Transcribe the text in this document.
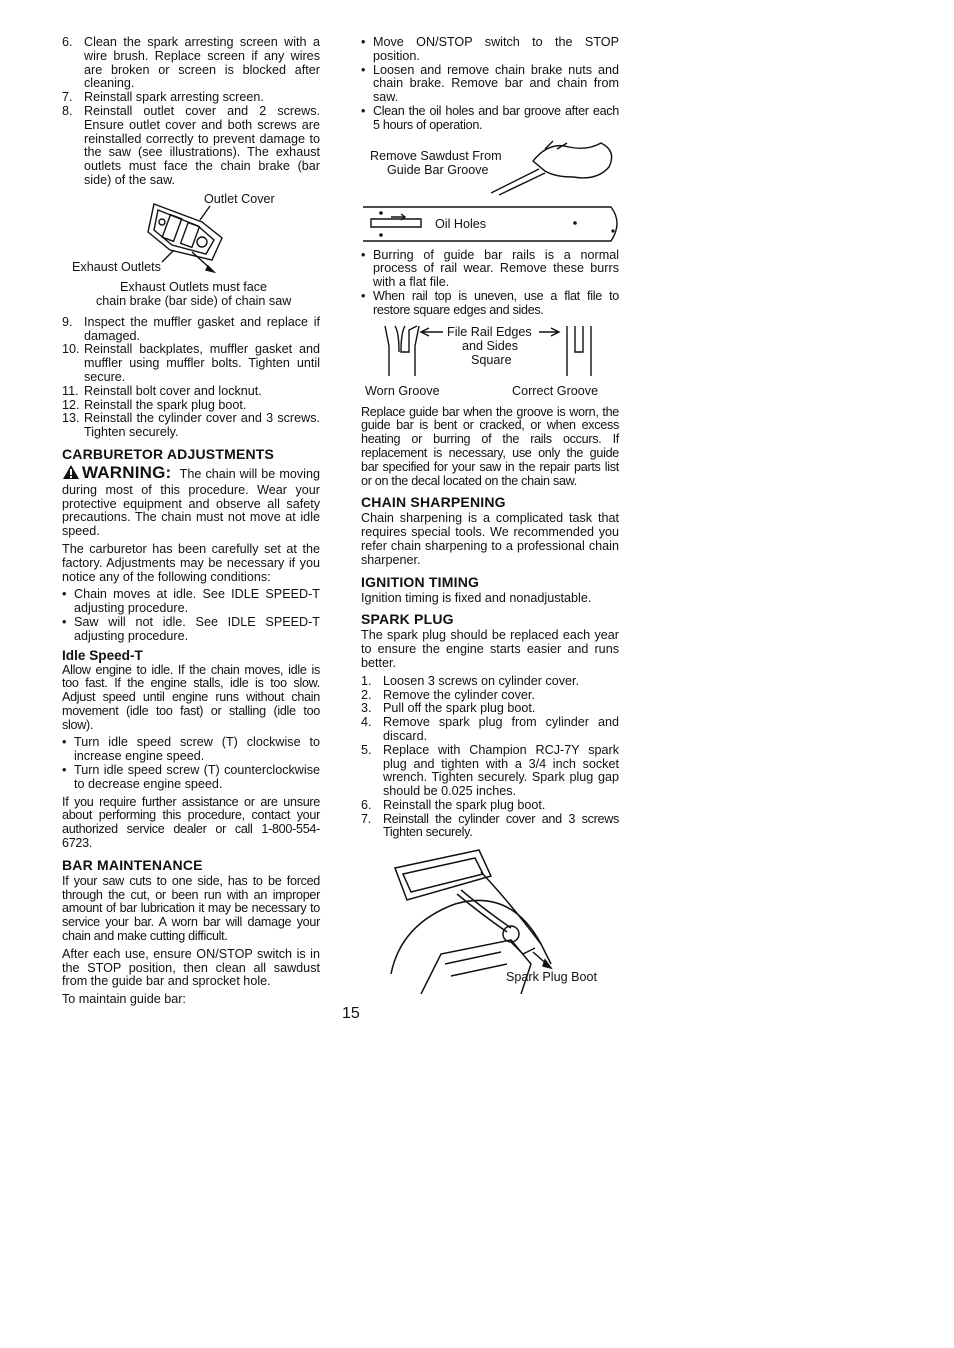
6. Clean the spark arresting screen with a wire brush. Replace screen if any wires are broken or screen is blocked after cleaning.
7. Reinstall spark arresting screen.
8. Reinstall outlet cover and 2 screws. Ensure outlet cover and both screws are reinstalled correctly to prevent damage to the saw (see illustrations). The exhaust outlets must face the chain brake (bar side) of the saw.
Outlet Cover
Exhaust Outlets
Exhaust Outlets must face
chain brake (bar side) of chain saw
9. Inspect the muffler gasket and replace if damaged.
10. Reinstall backplates, muffler gasket and muffler using muffler bolts. Tighten until secure.
11. Reinstall bolt cover and locknut.
12. Reinstall the spark plug boot.
13. Reinstall the cylinder cover and 3 screws. Tighten securely.
CARBURETOR ADJUSTMENTS

WARNING: The chain will be moving during most of this procedure. Wear your protective equipment and observe all safety precautions. The chain must not move at idle speed.

The carburetor has been carefully set at the factory. Adjustments may be necessary if you notice any of the following conditions:

• Chain moves at idle. See IDLE SPEED-T adjusting procedure.
• Saw will not idle. See IDLE SPEED-T adjusting procedure.
Idle Speed-T

Allow engine to idle. If the chain moves, idle is too fast. If the engine stalls, idle is too slow. Adjust speed until engine runs without chain movement (idle too fast) or stalling (idle too slow).

• Turn idle speed screw (T) clockwise to increase engine speed.
• Turn idle speed screw (T) counterclockwise to decrease engine speed.

If you require further assistance or are unsure about performing this procedure, contact your authorized service dealer or call 1-800-554-6723.

BAR MAINTENANCE

If your saw cuts to one side, has to be forced through the cut, or been run with an improper amount of bar lubrication it may be necessary to service your bar. A worn bar will damage your chain and make cutting difficult.

After each use, ensure ON/STOP switch is in the STOP position, then clean all sawdust from the guide bar and sprocket hole.

To maintain guide bar:

• Move ON/STOP switch to the STOP position.
• Loosen and remove chain brake nuts and chain brake. Remove bar and chain from saw.
• Clean the oil holes and bar groove after each 5 hours of operation.
Remove Sawdust From
Guide Bar Groove
Oil Holes
• Burring of guide bar rails is a normal process of rail wear. Remove these burrs with a flat file.
• When rail top is uneven, use a flat file to restore square edges and sides.
File Rail Edges
and Sides
Square
Worn Groove	Correct Groove

Replace guide bar when the groove is worn, the guide bar is bent or cracked, or when excess heating or burring of the rails occurs. If replacement is necessary, use only the guide bar specified for your saw in the repair parts list or on the decal located on the chain saw.

CHAIN SHARPENING

Chain sharpening is a complicated task that requires special tools. We recommended you refer chain sharpening to a professional chain sharpener.

IGNITION TIMING

Ignition timing is fixed and nonadjustable.

SPARK PLUG

The spark plug should be replaced each year to ensure the engine starts easier and runs better.

1. Loosen 3 screws on cylinder cover.
2. Remove the cylinder cover.
3. Pull off the spark plug boot.
4. Remove spark plug from cylinder and discard.
5. Replace with Champion RCJ-7Y spark plug and tighten with a 3/4 inch socket wrench. Tighten securely. Spark plug gap should be 0.025 inches.
6. Reinstall the spark plug boot.
7. Reinstall the cylinder cover and 3 screws Tighten securely.
Spark Plug Boot
15
